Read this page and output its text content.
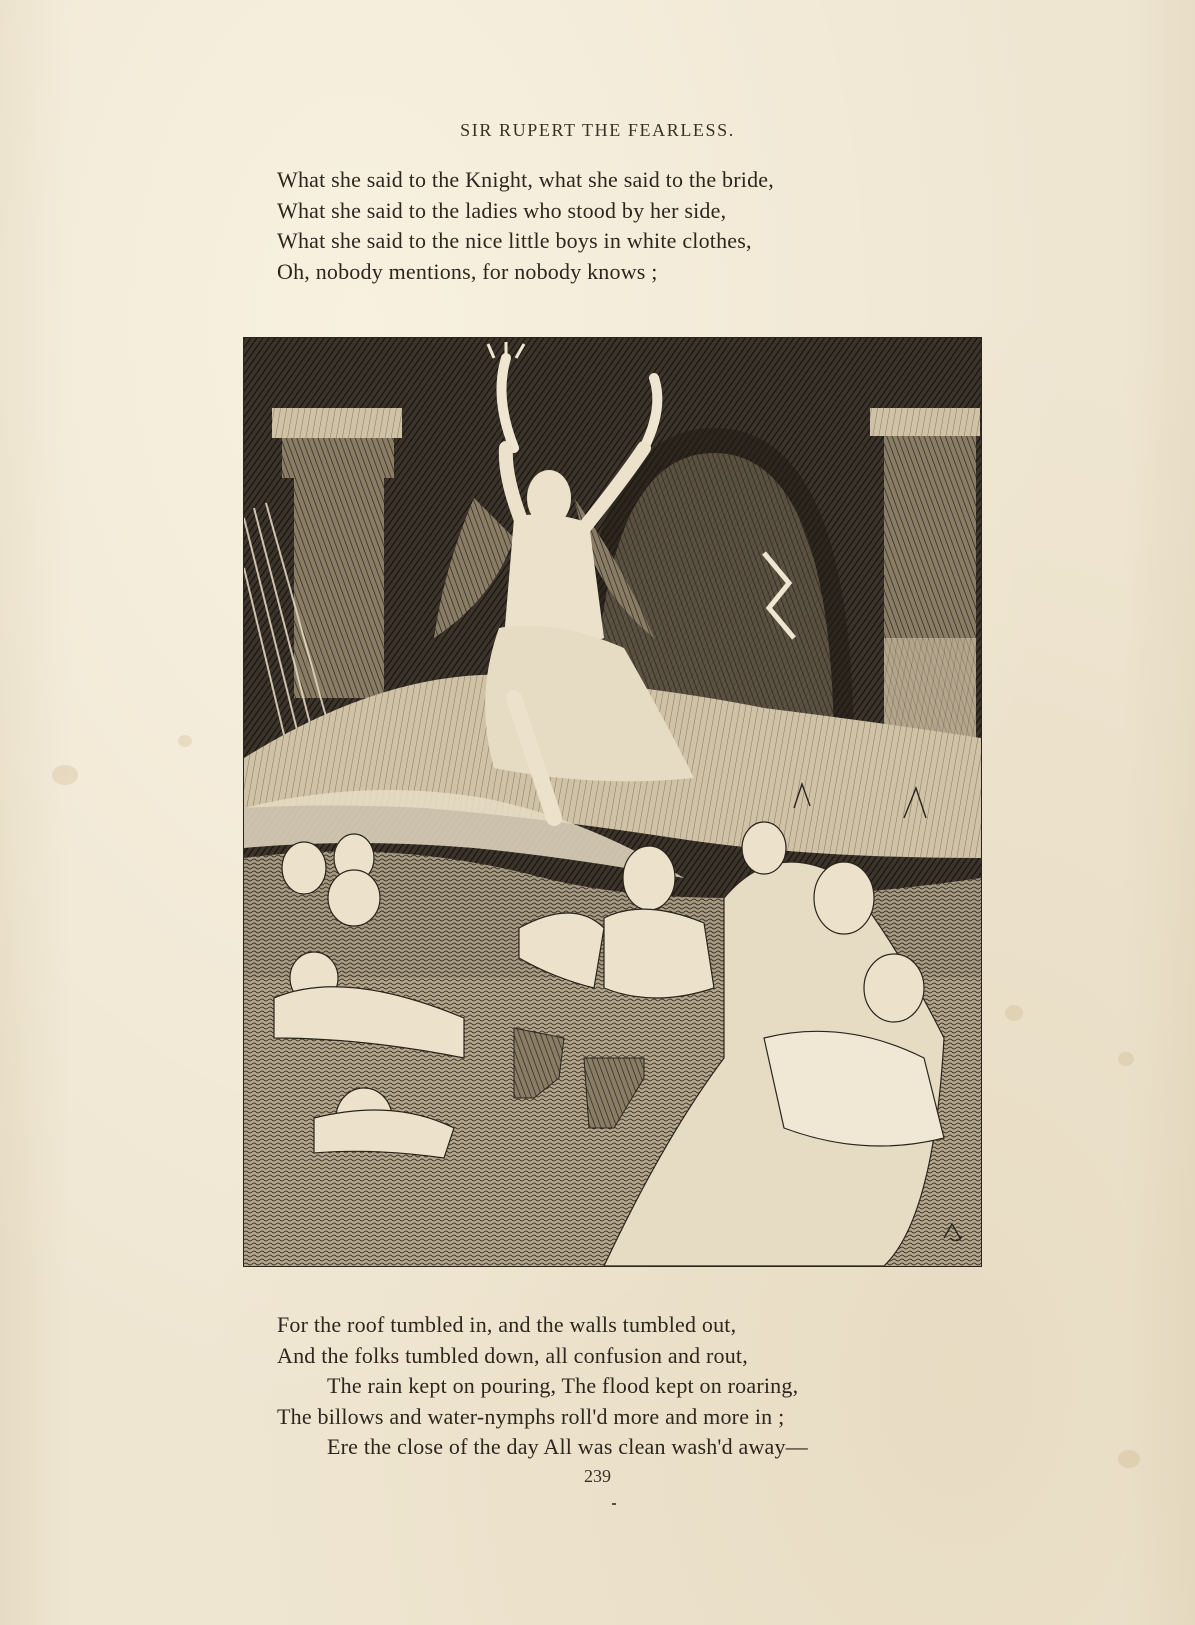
SIR RUPERT THE FEARLESS.
What she said to the Knight, what she said to the bride,
What she said to the ladies who stood by her side,
What she said to the nice little boys in white clothes,
Oh, nobody mentions, for nobody knows ;
For the roof tumbled in, and the walls tumbled out,
And the folks tumbled down, all confusion and rout,
The rain kept on pouring, The flood kept on roaring,
The billows and water-nymphs roll'd more and more in ;
Ere the close of the day All was clean wash'd away—
239
